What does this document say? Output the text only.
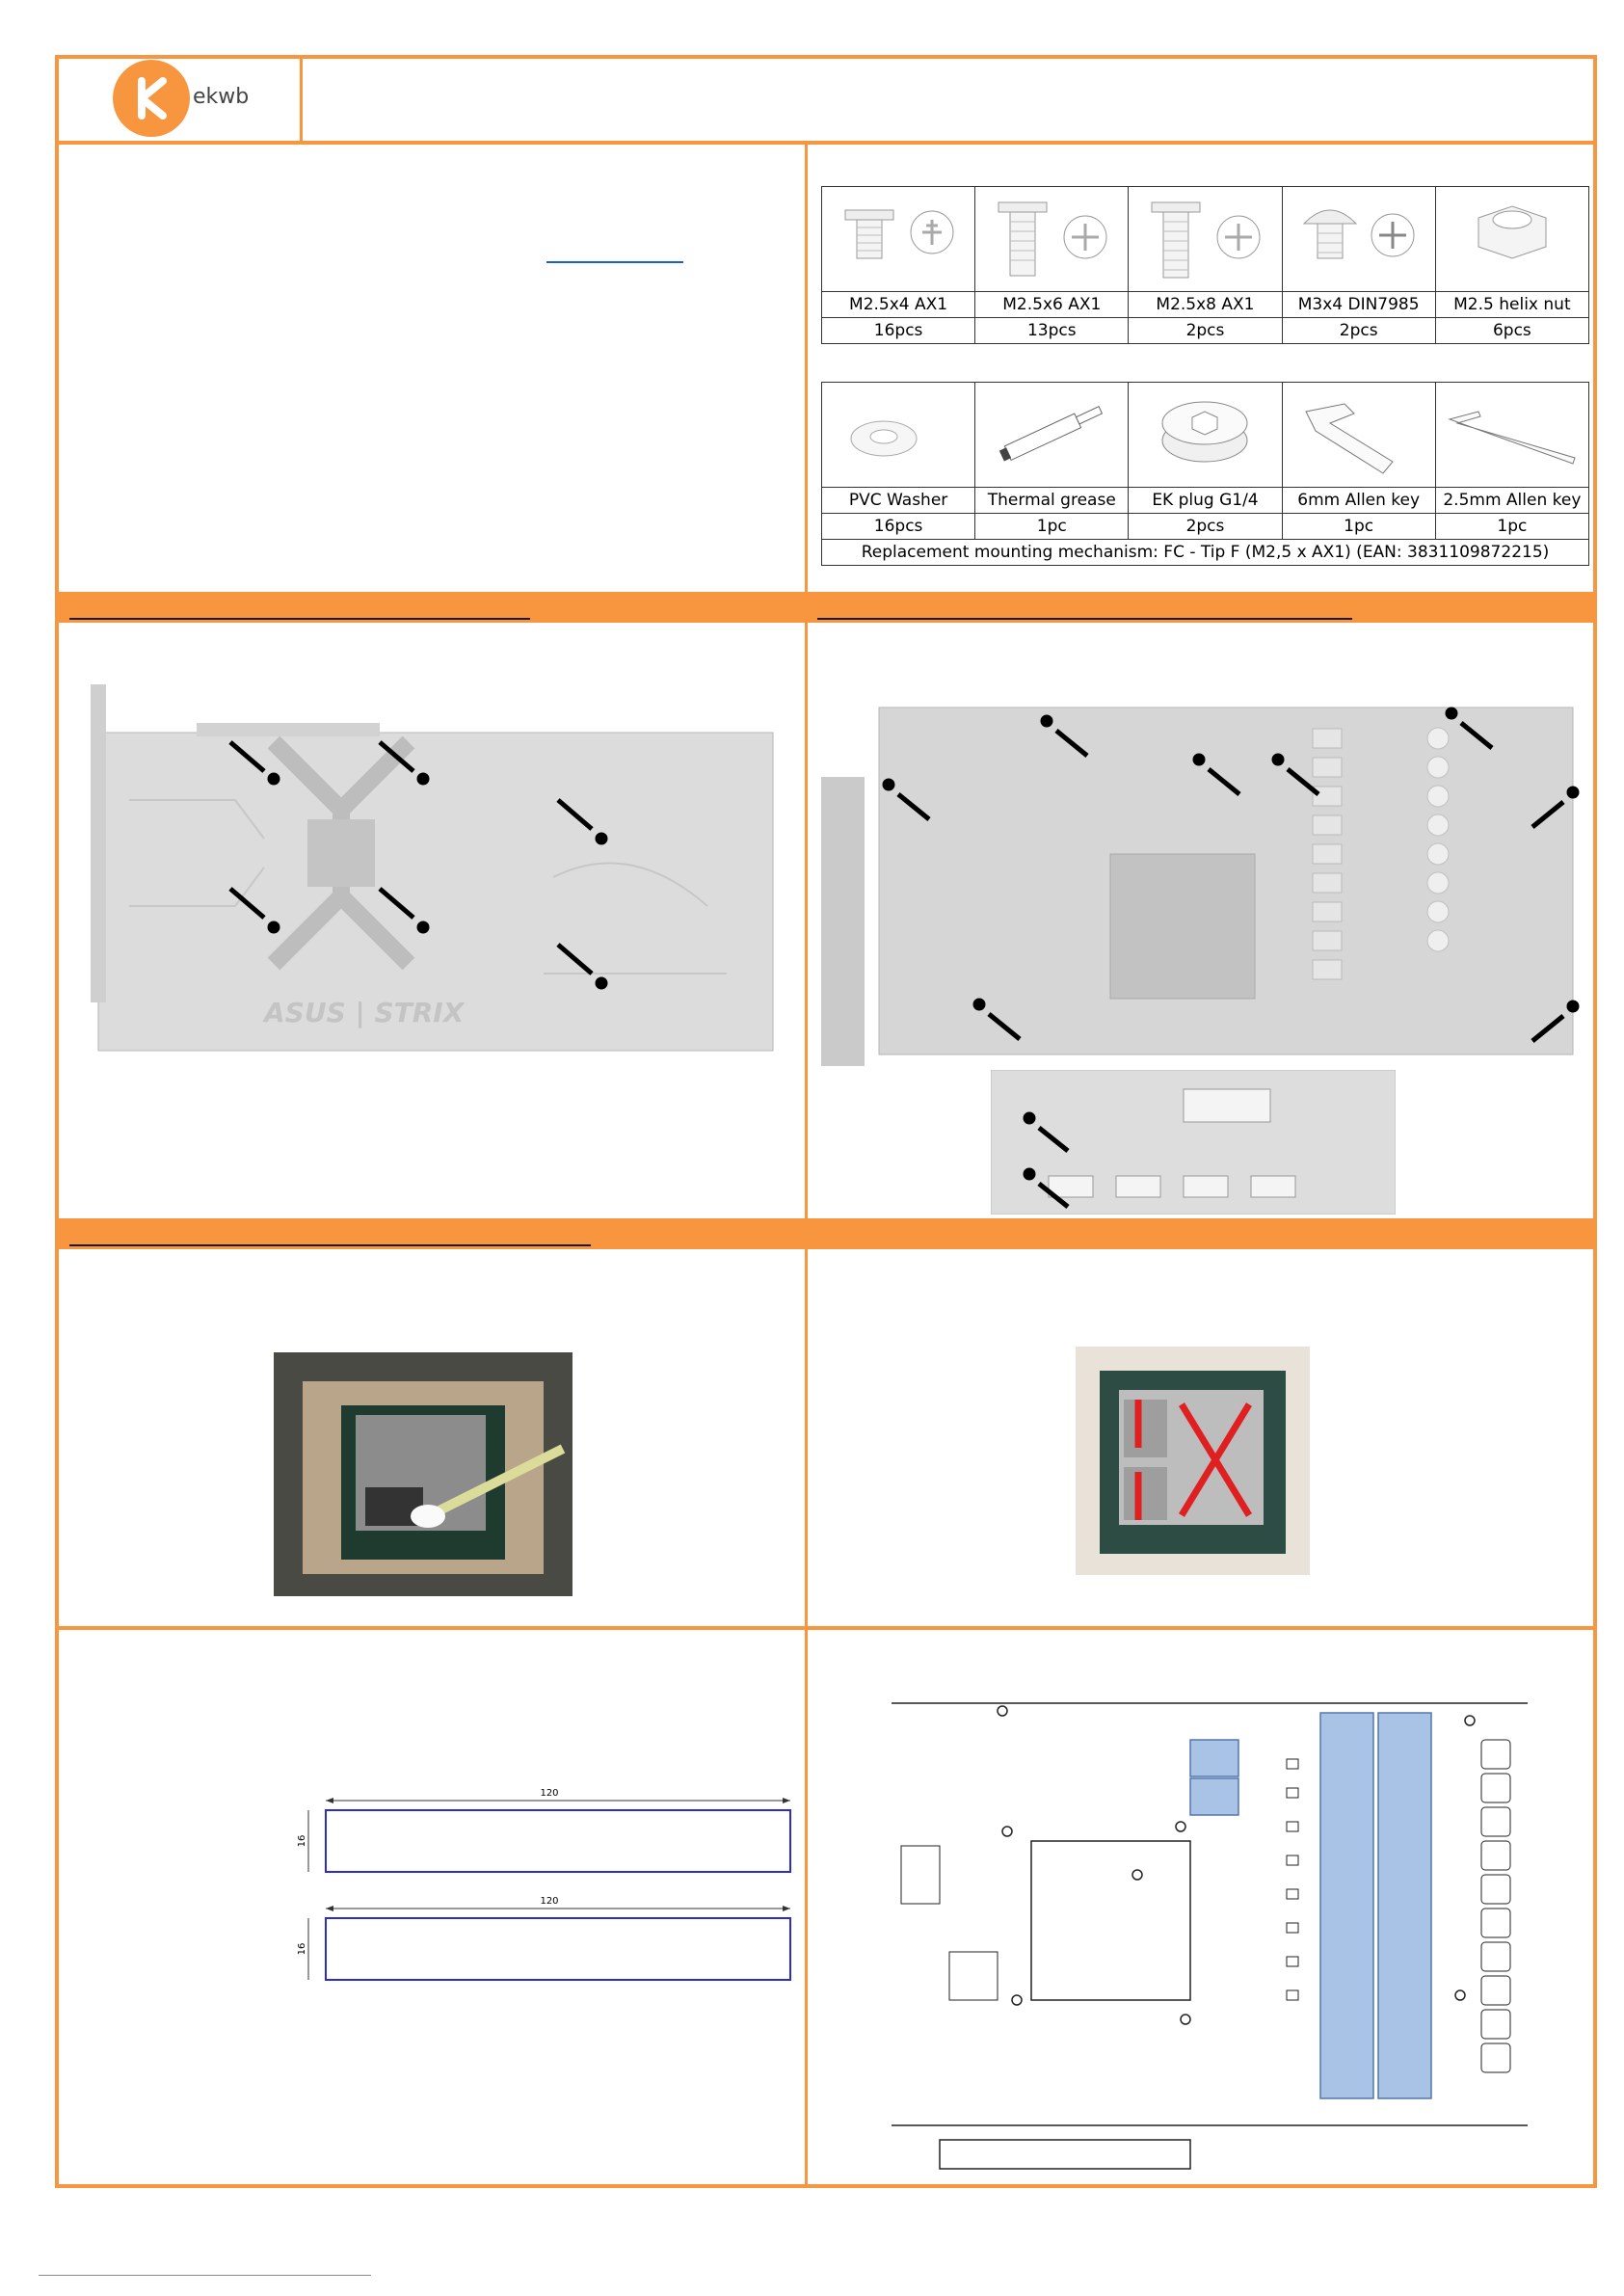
ekwb

M2.5x4 AX1	M2.5x6 AX1	M2.5x8 AX1	M3x4 DIN7985	M2.5 helix nut
16pcs	13pcs	2pcs	2pcs	6pcs

PVC Washer	Thermal grease	EK plug G1/4	6mm Allen key	2.5mm Allen key
16pcs	1pc	2pcs	1pc	1pc
Replacement mounting mechanism: FC - Tip F (M2,5 x AX1) (EAN: 3831109872215)				
ASUS | STRIX
120
16
120
16
